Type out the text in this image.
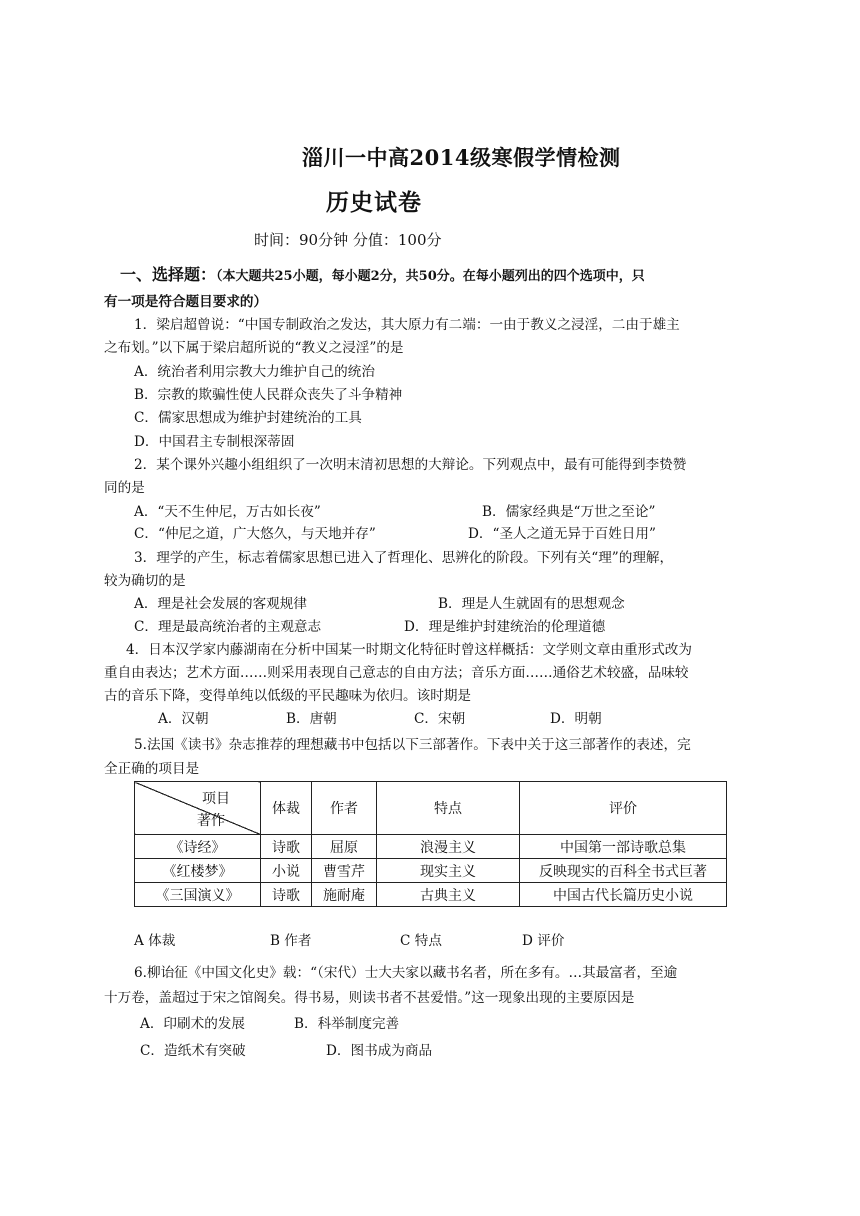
淄川一中高2014级寒假学情检测
历史试卷
时间：90分钟 分值：100分
一、选择题：（本大题共25小题，每小题2分，共50分。在每小题列出的四个选项中，只
有一项是符合题目要求的）
1．梁启超曾说：“中国专制政治之发达，其大原力有二端：一由于教义之浸淫，二由于雄主
之布划。”以下属于梁启超所说的“教义之浸淫”的是
A．统治者利用宗教大力维护自己的统治
B．宗教的欺骗性使人民群众丧失了斗争精神
C．儒家思想成为维护封建统治的工具
D．中国君主专制根深蒂固
2．某个课外兴趣小组组织了一次明末清初思想的大辩论。下列观点中，最有可能得到李贽赞
同的是
A．“天不生仲尼，万古如长夜”	B．儒家经典是“万世之至论”
C．“仲尼之道，广大悠久，与天地并存”	D．“圣人之道无异于百姓日用”
3．理学的产生，标志着儒家思想已进入了哲理化、思辨化的阶段。下列有关“理”的理解，
较为确切的是
A．理是社会发展的客观规律	B．理是人生就固有的思想观念
C．理是最高统治者的主观意志	D．理是维护封建统治的伦理道德
4．日本汉学家内藤湖南在分析中国某一时期文化特征时曾这样概括：文学则文章由重形式改为
重自由表达；艺术方面……则采用表现自己意志的自由方法；音乐方面……通俗艺术较盛，品味较
古的音乐下降，变得单纯以低级的平民趣味为依归。该时期是
A．汉朝	B．唐朝	C．宋朝	D．明朝
5.法国《读书》杂志推荐的理想藏书中包括以下三部著作。下表中关于这三部著作的表述，完
全正确的项目是
项目
著作	体裁	作者	特点	评价
《诗经》	诗歌	屈原	浪漫主义	中国第一部诗歌总集
《红楼梦》	小说	曹雪芹	现实主义	反映现实的百科全书式巨著
《三国演义》	诗歌	施耐庵	古典主义	中国古代长篇历史小说
A 体裁	B 作者	C 特点	D 评价
6.柳诒征《中国文化史》载：“（宋代）士大夫家以藏书名者，所在多有。…其最富者，至逾
十万卷，盖超过于宋之馆阁矣。得书易，则读书者不甚爱惜。”这一现象出现的主要原因是
A．印刷术的发展	B．科举制度完善
C．造纸术有突破	D．图书成为商品
